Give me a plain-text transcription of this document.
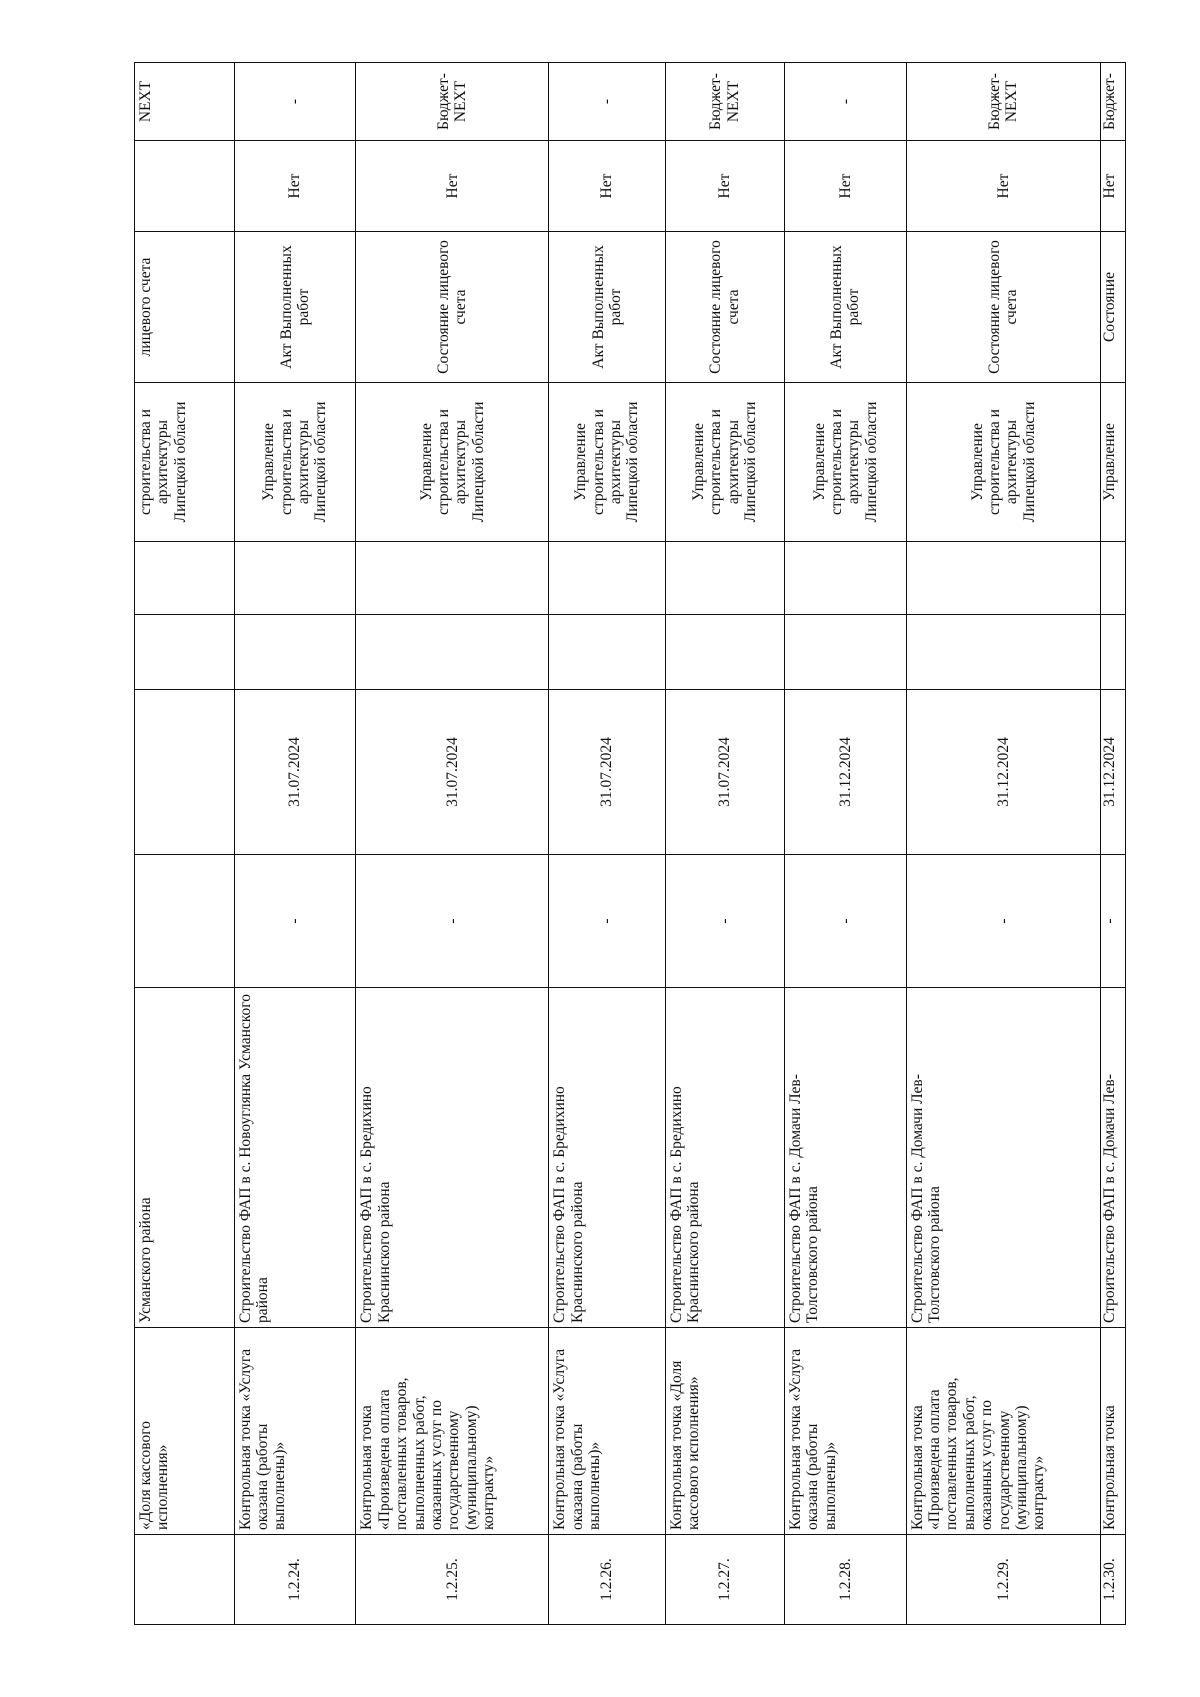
	«Доля кассового исполнения»	Усманского района					строительства и архитектуры Липецкой области	лицевого счета		NEXT
1.2.24.	Контрольная точка «Услуга оказана (работы выполнены)»	Строительство ФАП в с. Новоуглянка Усманского района	-	31.07.2024			Управление строительства и архитектуры Липецкой области	Акт Выполненных работ	Нет	-
1.2.25.	Контрольная точка «Произведена оплата поставленных товаров, выполненных работ, оказанных услуг по государственному (муниципальному) контракту»	Строительство ФАП в с. Бредихино Краснинского района	-	31.07.2024			Управление строительства и архитектуры Липецкой области	Состояние лицевого счета	Нет	Бюджет-NEXT
1.2.26.	Контрольная точка «Услуга оказана (работы выполнены)»	Строительство ФАП в с. Бредихино Краснинского района	-	31.07.2024			Управление строительства и архитектуры Липецкой области	Акт Выполненных работ	Нет	-
1.2.27.	Контрольная точка «Доля кассового исполнения»	Строительство ФАП в с. Бредихино Краснинского района	-	31.07.2024			Управление строительства и архитектуры Липецкой области	Состояние лицевого счета	Нет	Бюджет-NEXT
1.2.28.	Контрольная точка «Услуга оказана (работы выполнены)»	Строительство ФАП в с. Домачи Лев-Толстовского района	-	31.12.2024			Управление строительства и архитектуры Липецкой области	Акт Выполненных работ	Нет	-
1.2.29.	Контрольная точка «Произведена оплата поставленных товаров, выполненных работ, оказанных услуг по государственному (муниципальному) контракту»	Строительство ФАП в с. Домачи Лев-Толстовского района	-	31.12.2024			Управление строительства и архитектуры Липецкой области	Состояние лицевого счета	Нет	Бюджет-NEXT
1.2.30.	Контрольная точка	Строительство ФАП в с. Домачи Лев-	-	31.12.2024			Управление	Состояние	Нет	Бюджет-
